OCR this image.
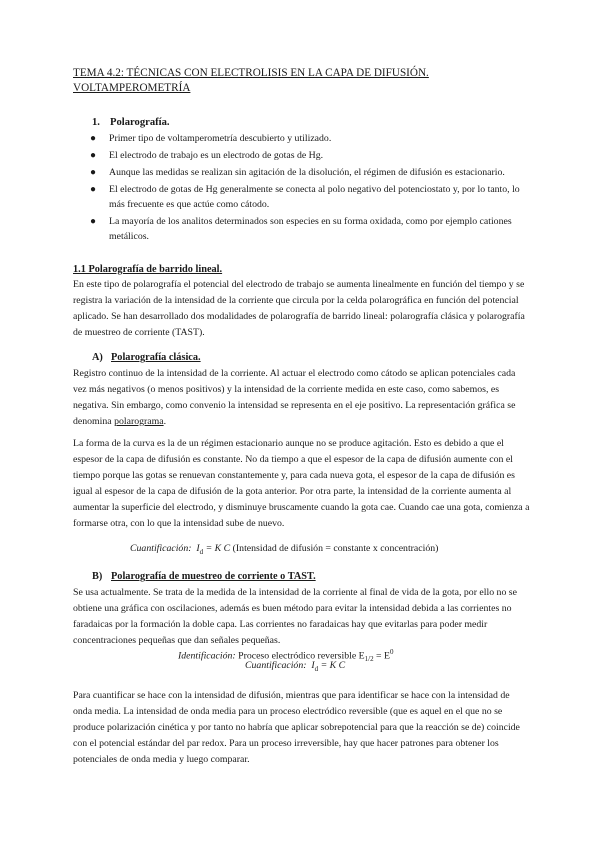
TEMA 4.2: TÉCNICAS CON ELECTROLISIS EN LA CAPA DE DIFUSIÓN. VOLTAMPEROMETRÍA
1. Polarografía.
● Primer tipo de voltamperometría descubierto y utilizado.
● El electrodo de trabajo es un electrodo de gotas de Hg.
● Aunque las medidas se realizan sin agitación de la disolución, el régimen de difusión es estacionario.
● El electrodo de gotas de Hg generalmente se conecta al polo negativo del potenciostato y, por lo tanto, lo más frecuente es que actúe como cátodo.
● La mayoría de los analitos determinados son especies en su forma oxidada, como por ejemplo cationes metálicos.
1.1 Polarografía de barrido lineal.

En este tipo de polarografía el potencial del electrodo de trabajo se aumenta linealmente en función del tiempo y se registra la variación de la intensidad de la corriente que circula por la celda polarográfica en función del potencial aplicado. Se han desarrollado dos modalidades de polarografía de barrido lineal: polarografía clásica y polarografía de muestreo de corriente (TAST).

A) Polarografía clásica.

Registro continuo de la intensidad de la corriente. Al actuar el electrodo como cátodo se aplican potenciales cada vez más negativos (o menos positivos) y la intensidad de la corriente medida en este caso, como sabemos, es negativa. Sin embargo, como convenio la intensidad se representa en el eje positivo. La representación gráfica se denomina polarograma.

La forma de la curva es la de un régimen estacionario aunque no se produce agitación. Esto es debido a que el espesor de la capa de difusión es constante. No da tiempo a que el espesor de la capa de difusión aumente con el tiempo porque las gotas se renuevan constantemente y, para cada nueva gota, el espesor de la capa de difusión es igual al espesor de la capa de difusión de la gota anterior. Por otra parte, la intensidad de la corriente aumenta al aumentar la superficie del electrodo, y disminuye bruscamente cuando la gota cae. Cuando cae una gota, comienza a formarse otra, con lo que la intensidad sube de nuevo.

Cuantificación: $I_d = K$ C (Intensidad de difusión = constante x concentración)
B) Polarografía de muestreo de corriente o TAST.

Se usa actualmente. Se trata de la medida de la intensidad de la corriente al final de vida de la gota, por ello no se obtiene una gráfica con oscilaciones, además es buen método para evitar la intensidad debida a las corrientes no faradaicas por la formación la doble capa. Las corrientes no faradaicas hay que evitarlas para poder medir concentraciones pequeñas que dan señales pequeñas.

Identificación: Proceso electródico reversible $E_{1/2} = E^0$
Cuantificación: $I_d = K$ C

Para cuantificar se hace con la intensidad de difusión, mientras que para identificar se hace con la intensidad de onda media. La intensidad de onda media para un proceso electródico reversible (que es aquel en el que no se produce polarización cinética y por tanto no habría que aplicar sobrepotencial para que la reacción se de) coincide con el potencial estándar del par redox. Para un proceso irreversible, hay que hacer patrones para obtener los potenciales de onda media y luego comparar.
